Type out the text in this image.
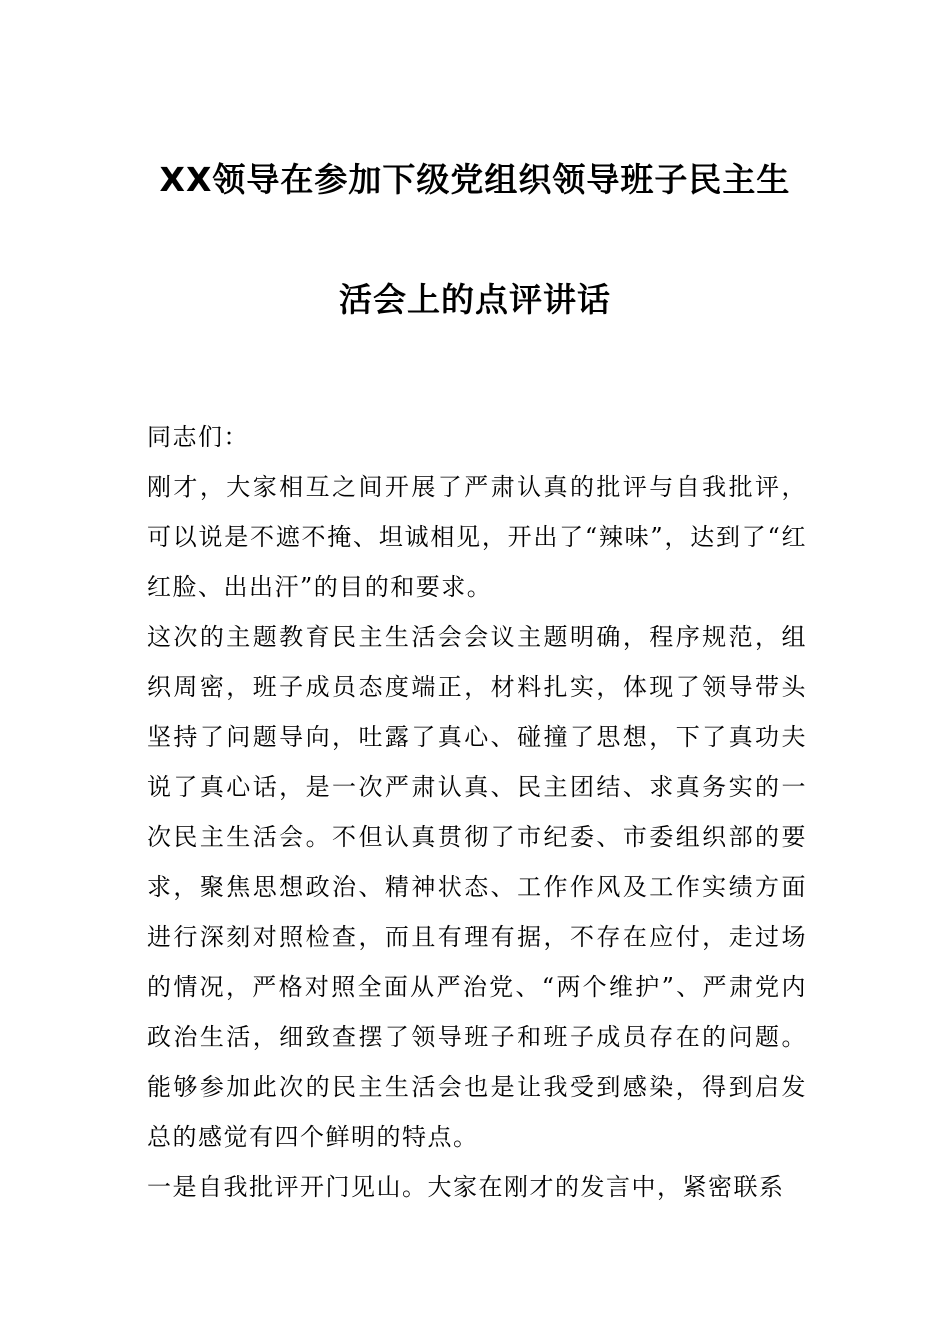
XX领导在参加下级党组织领导班子民主生
活会上的点评讲话

同志们：

刚才，大家相互之间开展了严肃认真的批评与自我批评，可以说是不遮不掩、坦诚相见，开出了“辣味”，达到了“红红脸、出出汗”的目的和要求。

这次的主题教育民主生活会会议主题明确，程序规范，组织周密，班子成员态度端正，材料扎实，体现了领导带头坚持了问题导向，吐露了真心、碰撞了思想，下了真功夫说了真心话，是一次严肃认真、民主团结、求真务实的一次民主生活会。不但认真贯彻了市纪委、市委组织部的要求，聚焦思想政治、精神状态、工作作风及工作实绩方面进行深刻对照检查，而且有理有据，不存在应付，走过场的情况，严格对照全面从严治党、“两个维护”、严肃党内政治生活，细致查摆了领导班子和班子成员存在的问题。能够参加此次的民主生活会也是让我受到感染，得到启发总的感觉有四个鲜明的特点。

一是自我批评开门见山。大家在刚才的发言中，紧密联系
